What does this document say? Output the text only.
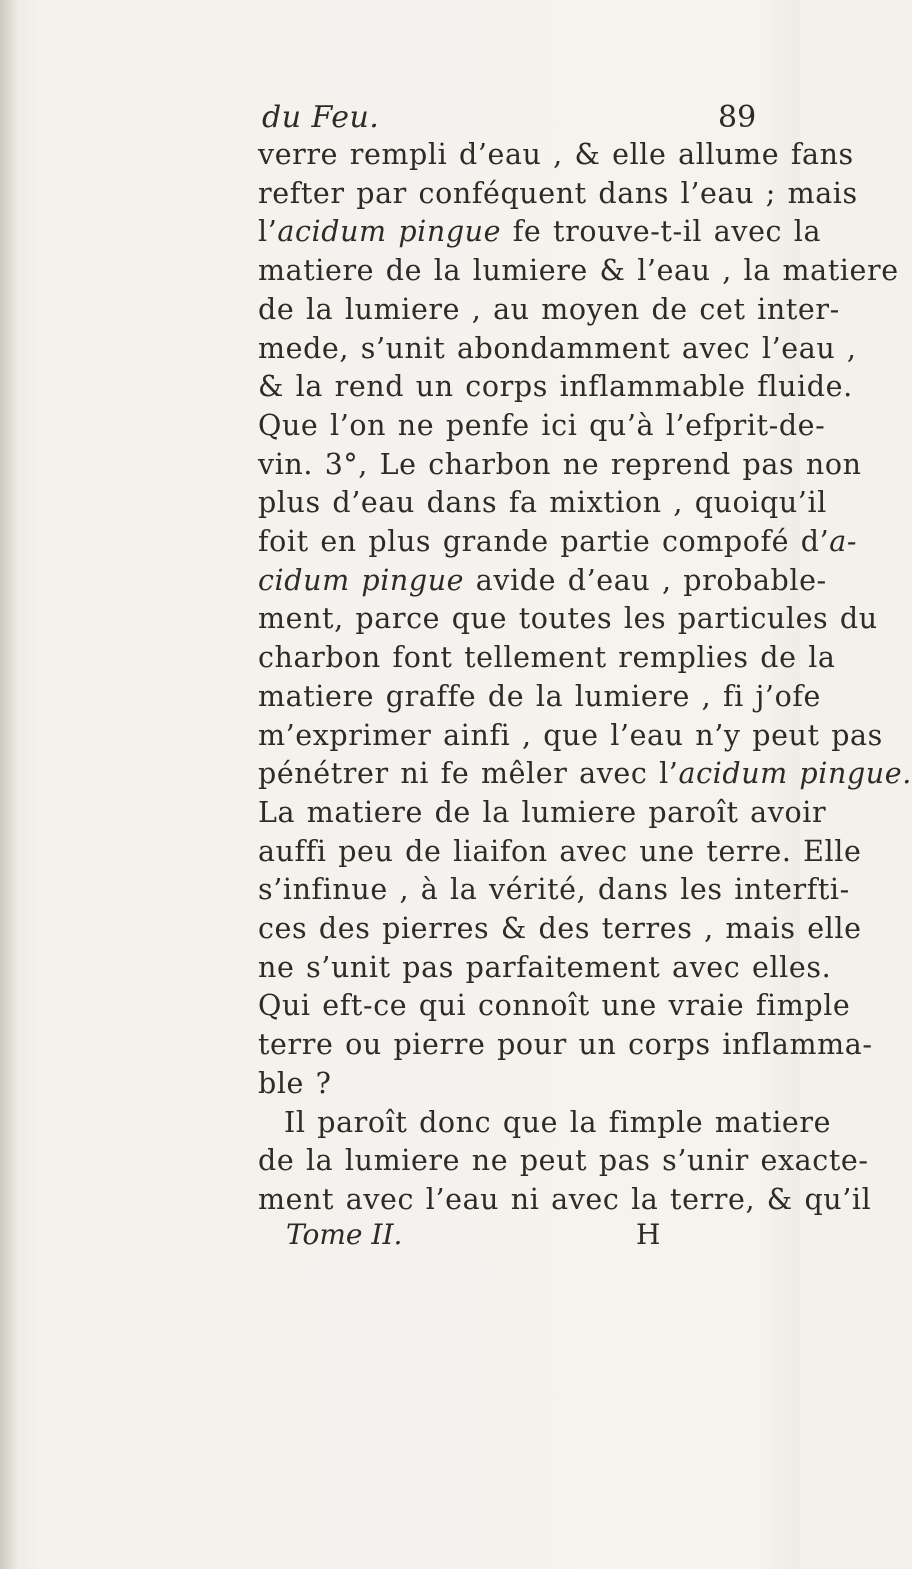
du Feu.	89
verre rempli d’eau , & elle allume fans
refter par conféquent dans l’eau ; mais
l’acidum pingue fe trouve-t-il avec la
matiere de la lumiere & l’eau , la matiere
de la lumiere , au moyen de cet inter-
mede, s’unit abondamment avec l’eau ,
& la rend un corps inflammable fluide.
Que l’on ne penfe ici qu’à l’efprit-de-
vin. 3°, Le charbon ne reprend pas non
plus d’eau dans fa mixtion , quoiqu’il
foit en plus grande partie compofé d’a-
cidum pingue avide d’eau , probable-
ment, parce que toutes les particules du
charbon font tellement remplies de la
matiere graffe de la lumiere , fi j’ofe
m’exprimer ainfi , que l’eau n’y peut pas
pénétrer ni fe mêler avec l’acidum pingue.
La matiere de la lumiere paroît avoir
auffi peu de liaifon avec une terre. Elle
s’infinue , à la vérité, dans les interfti-
ces des pierres & des terres , mais elle
ne s’unit pas parfaitement avec elles.
Qui eft-ce qui connoît une vraie fimple
terre ou pierre pour un corps inflamma-
ble ?
Il paroît donc que la fimple matiere
de la lumiere ne peut pas s’unir exacte-
ment avec l’eau ni avec la terre, & qu’il
Tome II.	H
